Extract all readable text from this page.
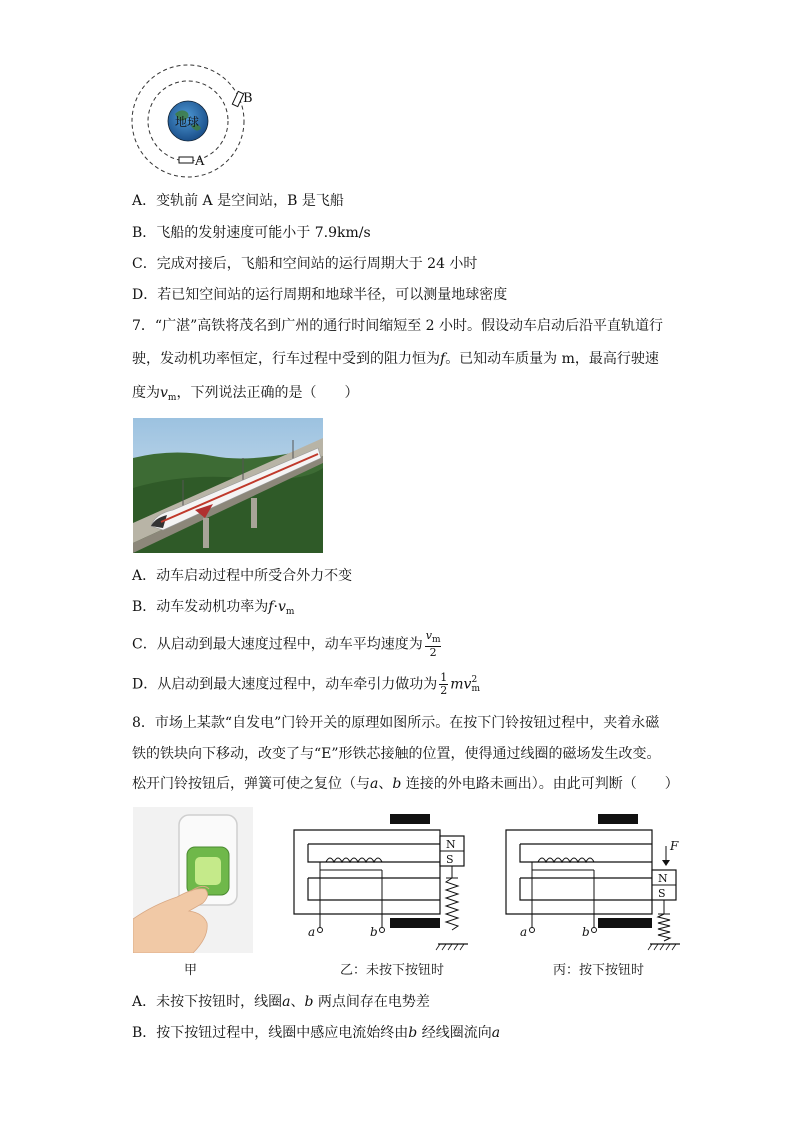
地球
A
B
A．变轨前 A 是空间站，B 是飞船
B．飞船的发射速度可能小于 7.9km/s
C．完成对接后，飞船和空间站的运行周期大于 24 小时
D．若已知空间站的运行周期和地球半径，可以测量地球密度
7．“广湛”高铁将茂名到广州的通行时间缩短至 2 小时。假设动车启动后沿平直轨道行
驶，发动机功率恒定，行车过程中受到的阻力恒为f。已知动车质量为 m，最高行驶速
度为$v_m$，下列说法正确的是（　　）
A．动车启动过程中所受合外力不变
B．动车发动机功率为$f\cdot v_m$
C．从启动到最大速度过程中，动车平均速度为 $\frac{v_m}{2}$
D．从启动到最大速度过程中，动车牵引力做功为 $\frac{1}{2}$ mv 2
m
8．市场上某款“自发电”门铃开关的原理如图所示。在按下门铃按钮过程中，夹着永磁
铁的铁块向下移动，改变了与“E”形铁芯接触的位置，使得通过线圈的磁场发生改变。
松开门铃按钮后，弹簧可使之复位（与a、b 连接的外电路未画出）。由此可判断（　　）
甲
N
S
a	b
乙：未按下按钮时
F
N
S
a	b
丙：按下按钮时
A．未按下按钮时，线圈a、b 两点间存在电势差
B．按下按钮过程中，线圈中感应电流始终由b 经线圈流向a
